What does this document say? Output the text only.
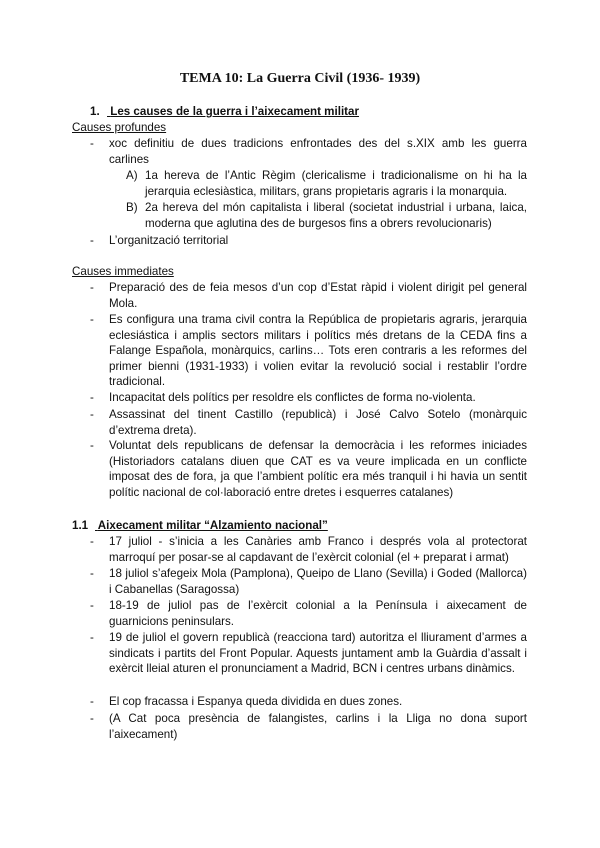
TEMA 10: La Guerra Civil (1936- 1939)
1. Les causes de la guerra i l’aixecament militar
Causes profundes
- xoc definitiu de dues tradicions enfrontades des del s.XIX amb les guerra carlines
A) 1a hereva de l’Antic Règim (clericalisme i tradicionalisme on hi ha la jerarquia eclesiàstica, militars, grans propietaris agraris i la monarquia.
B) 2a hereva del món capitalista i liberal (societat industrial i urbana, laica, moderna que aglutina des de burgesos fins a obrers revolucionaris)
- L’organització territorial
Causes immediates
- Preparació des de feia mesos d’un cop d’Estat ràpid i violent dirigit pel general Mola.
- Es configura una trama civil contra la República de propietaris agraris, jerarquia eclesiástica i amplis sectors militars i polítics més dretans de la CEDA fins a Falange Española, monàrquics, carlins… Tots eren contraris a les reformes del primer bienni (1931-1933) i volien evitar la revolució social i restablir l’ordre tradicional.
- Incapacitat dels polítics per resoldre els conflictes de forma no-violenta.
- Assassinat del tinent Castillo (republicà) i José Calvo Sotelo (monàrquic d’extrema dreta).
- Voluntat dels republicans de defensar la democràcia i les reformes iniciades (Historiadors catalans diuen que CAT es va veure implicada en un conflicte imposat des de fora, ja que l’ambient polític era més tranquil i hi havia un sentit polític nacional de col·laboració entre dretes i esquerres catalanes)
1.1 Aixecament militar “Alzamiento nacional”
- 17 juliol - s’inicia a les Canàries amb Franco i després vola al protectorat marroquí per posar-se al capdavant de l’exèrcit colonial (el + preparat i armat)
- 18 juliol s’afegeix Mola (Pamplona), Queipo de Llano (Sevilla) i Goded (Mallorca) i Cabanellas (Saragossa)
- 18-19 de juliol pas de l’exèrcit colonial a la Península i aixecament de guarnicions peninsulars.
- 19 de juliol el govern republicà (reacciona tard) autoritza el lliurament d’armes a sindicats i partits del Front Popular. Aquests juntament amb la Guàrdia d’assalt i exèrcit lleial aturen el pronunciament a Madrid, BCN i centres urbans dinàmics.
- El cop fracassa i Espanya queda dividida en dues zones.
- (A Cat poca presència de falangistes, carlins i la Lliga no dona suport l’aixecament)
